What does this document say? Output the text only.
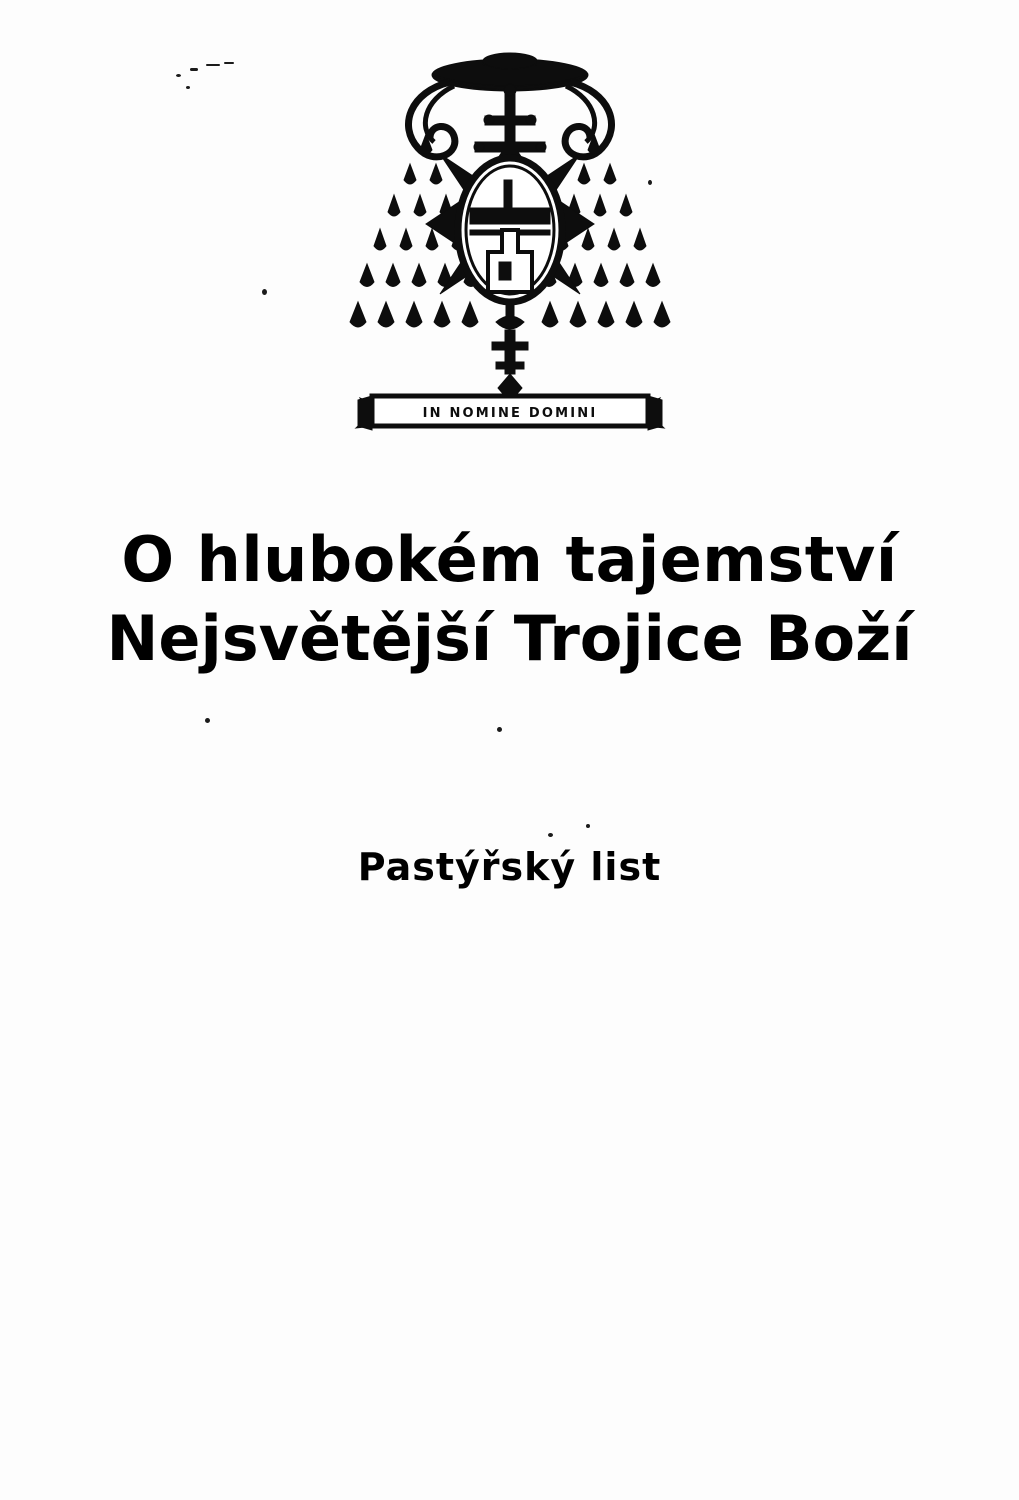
IN NOMINE DOMINI
O hlubokém tajemství
Nejsvětější Trojice Boží
Pastýřský list
